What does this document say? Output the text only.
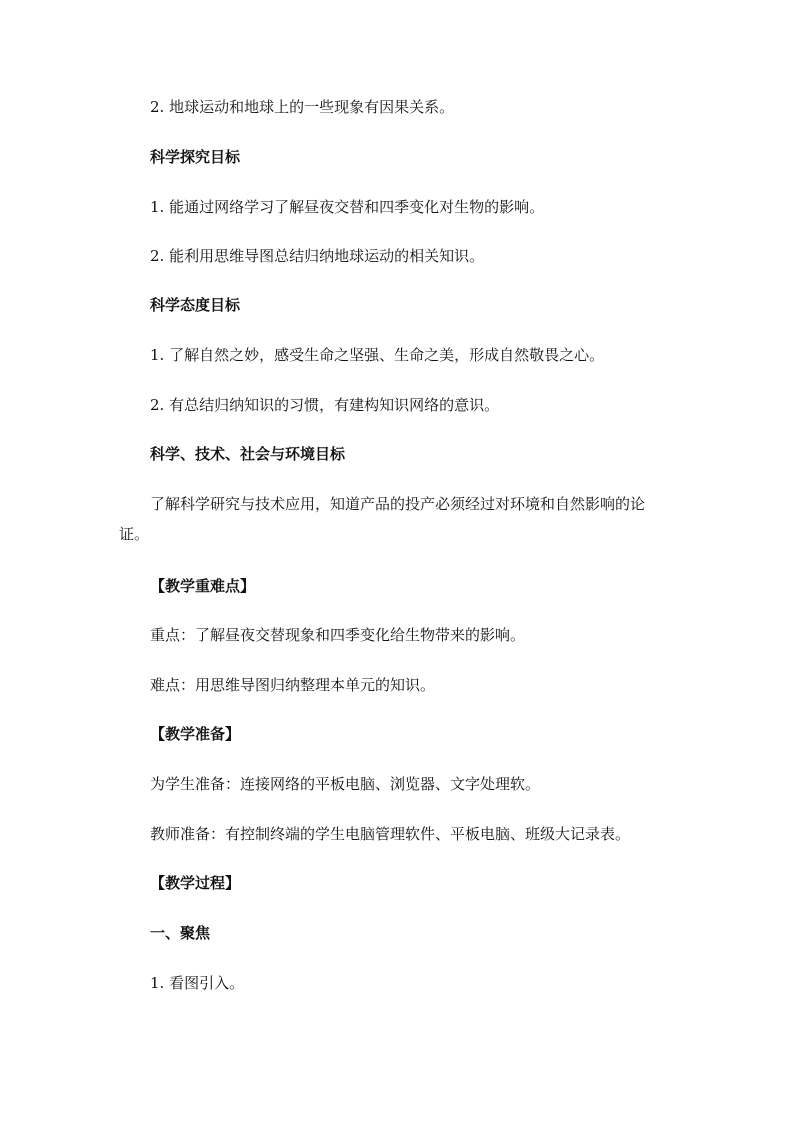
2. 地球运动和地球上的一些现象有因果关系。
科学探究目标
1. 能通过网络学习了解昼夜交替和四季变化对生物的影响。
2. 能利用思维导图总结归纳地球运动的相关知识。
科学态度目标
1. 了解自然之妙，感受生命之坚强、生命之美，形成自然敬畏之心。
2. 有总结归纳知识的习惯，有建构知识网络的意识。
科学、技术、社会与环境目标
了解科学研究与技术应用，知道产品的投产必须经过对环境和自然影响的论证。
【教学重难点】
重点：了解昼夜交替现象和四季变化给生物带来的影响。
难点：用思维导图归纳整理本单元的知识。
【教学准备】
为学生准备：连接网络的平板电脑、浏览器、文字处理软。
教师准备：有控制终端的学生电脑管理软件、平板电脑、班级大记录表。
【教学过程】
一、聚焦
1. 看图引入。
